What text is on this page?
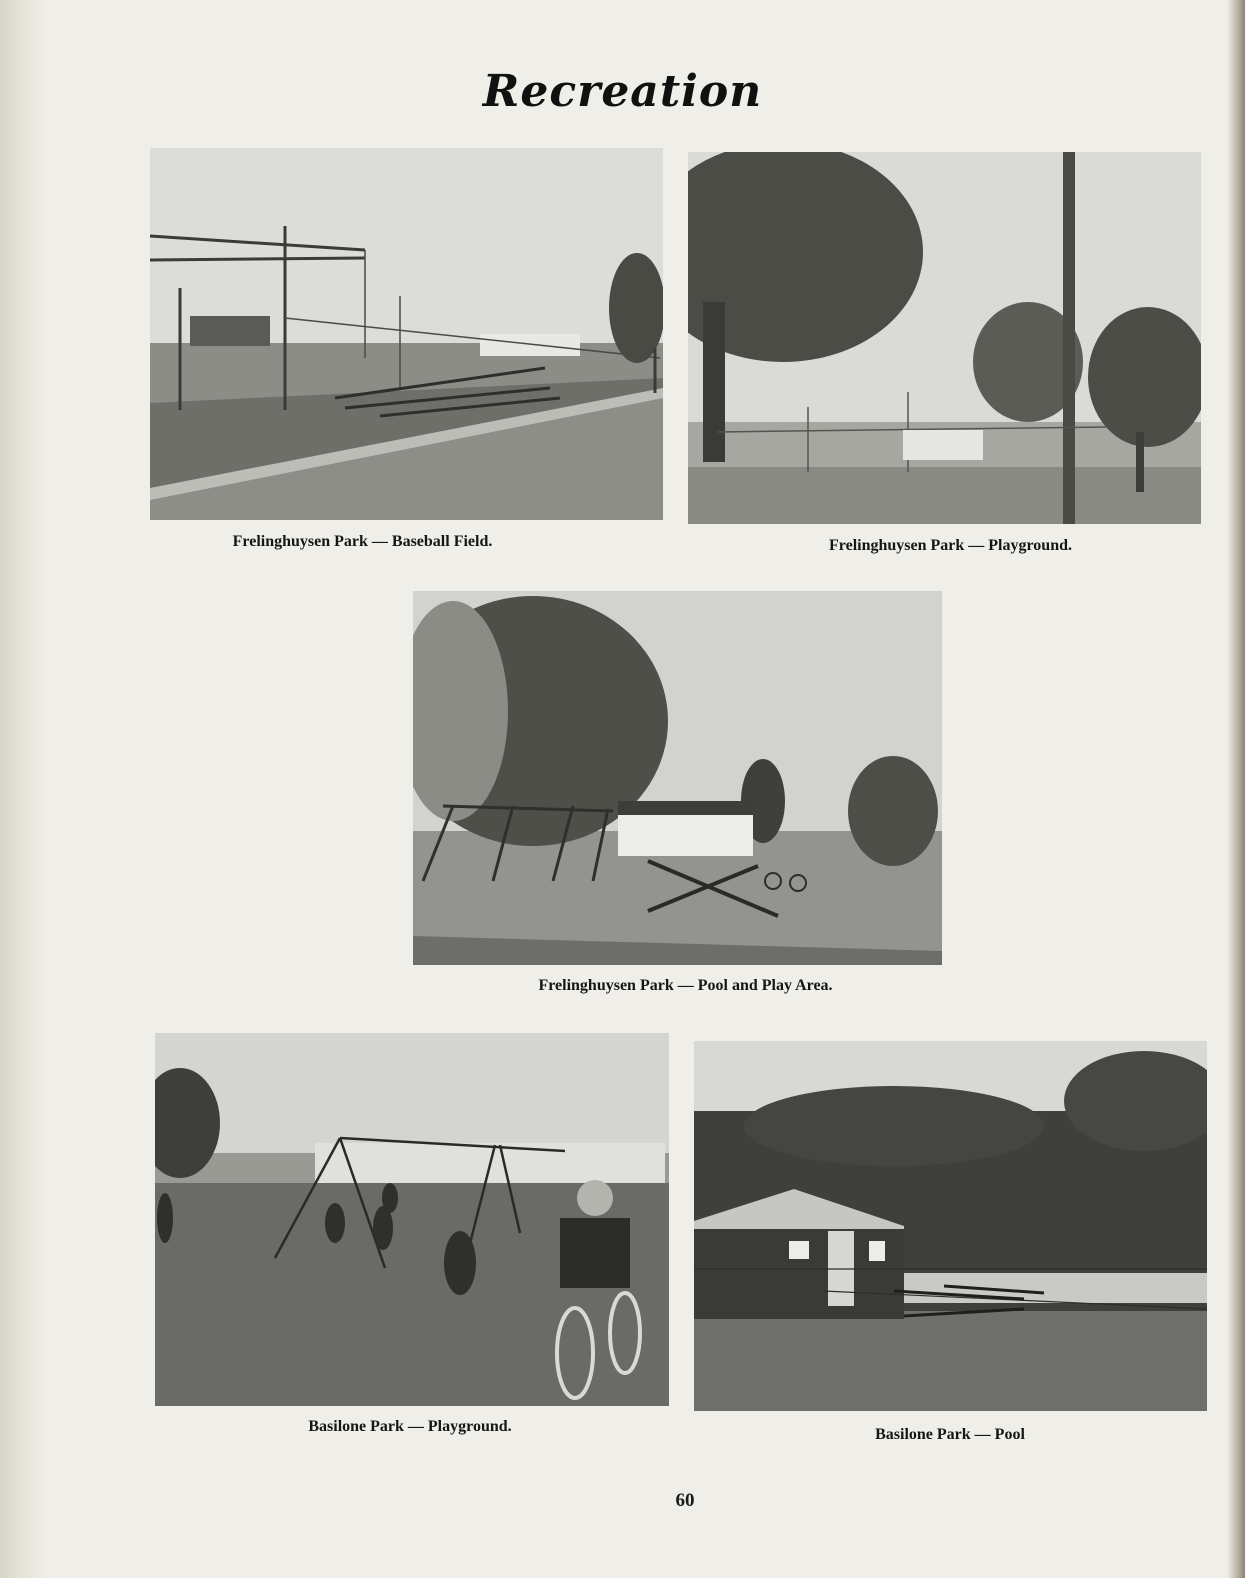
Recreation
Frelinghuysen Park — Baseball Field.	Frelinghuysen Park — Playground.
Frelinghuysen Park — Pool and Play Area.
Basilone Park — Playground.	Basilone Park — Pool
60
